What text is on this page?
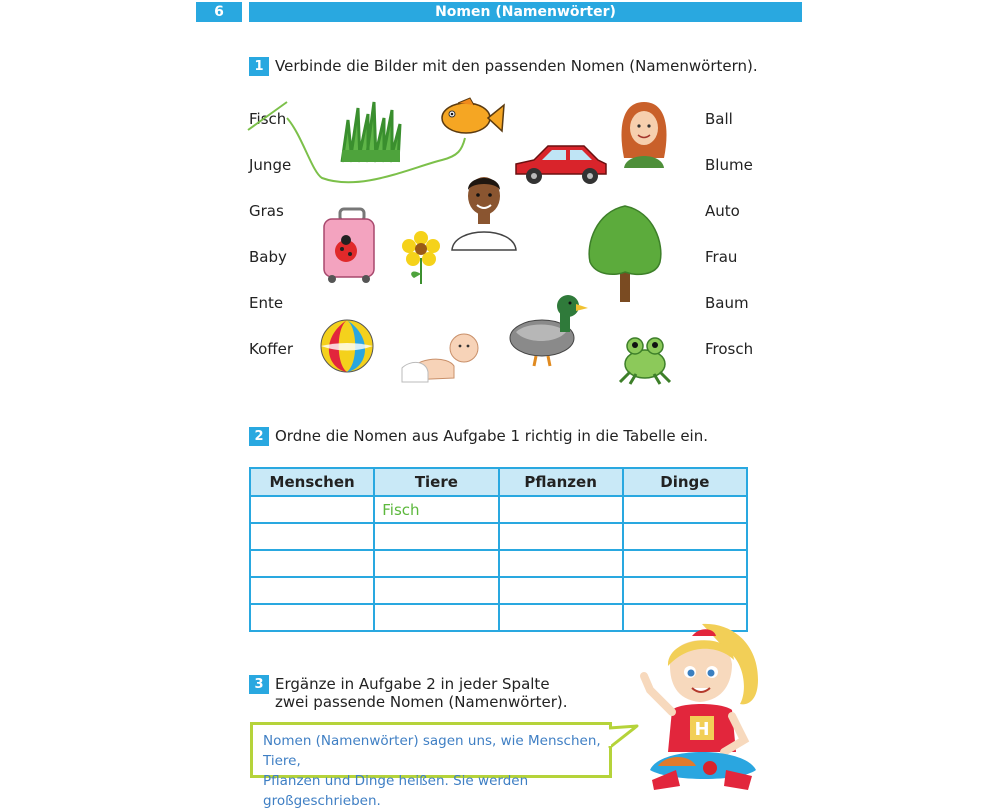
6	Nomen (Namenwörter)
1 Verbinde die Bilder mit den passenden Nomen (Namenwörtern).
Fisch
Junge
Gras
Baby
Ente
Koffer
Ball
Blume
Auto
Frau
Baum
Frosch
2 Ordne die Nomen aus Aufgabe 1 richtig in die Tabelle ein.
Menschen	Tiere	Pflanzen	Dinge
	Fisch		

3 Ergänze in Aufgabe 2 in jeder Spalte
zwei passende Nomen (Namenwörter).
Nomen (Namenwörter) sagen uns, wie Menschen, Tiere,
Pflanzen und Dinge heißen. Sie werden großgeschrieben.
H
